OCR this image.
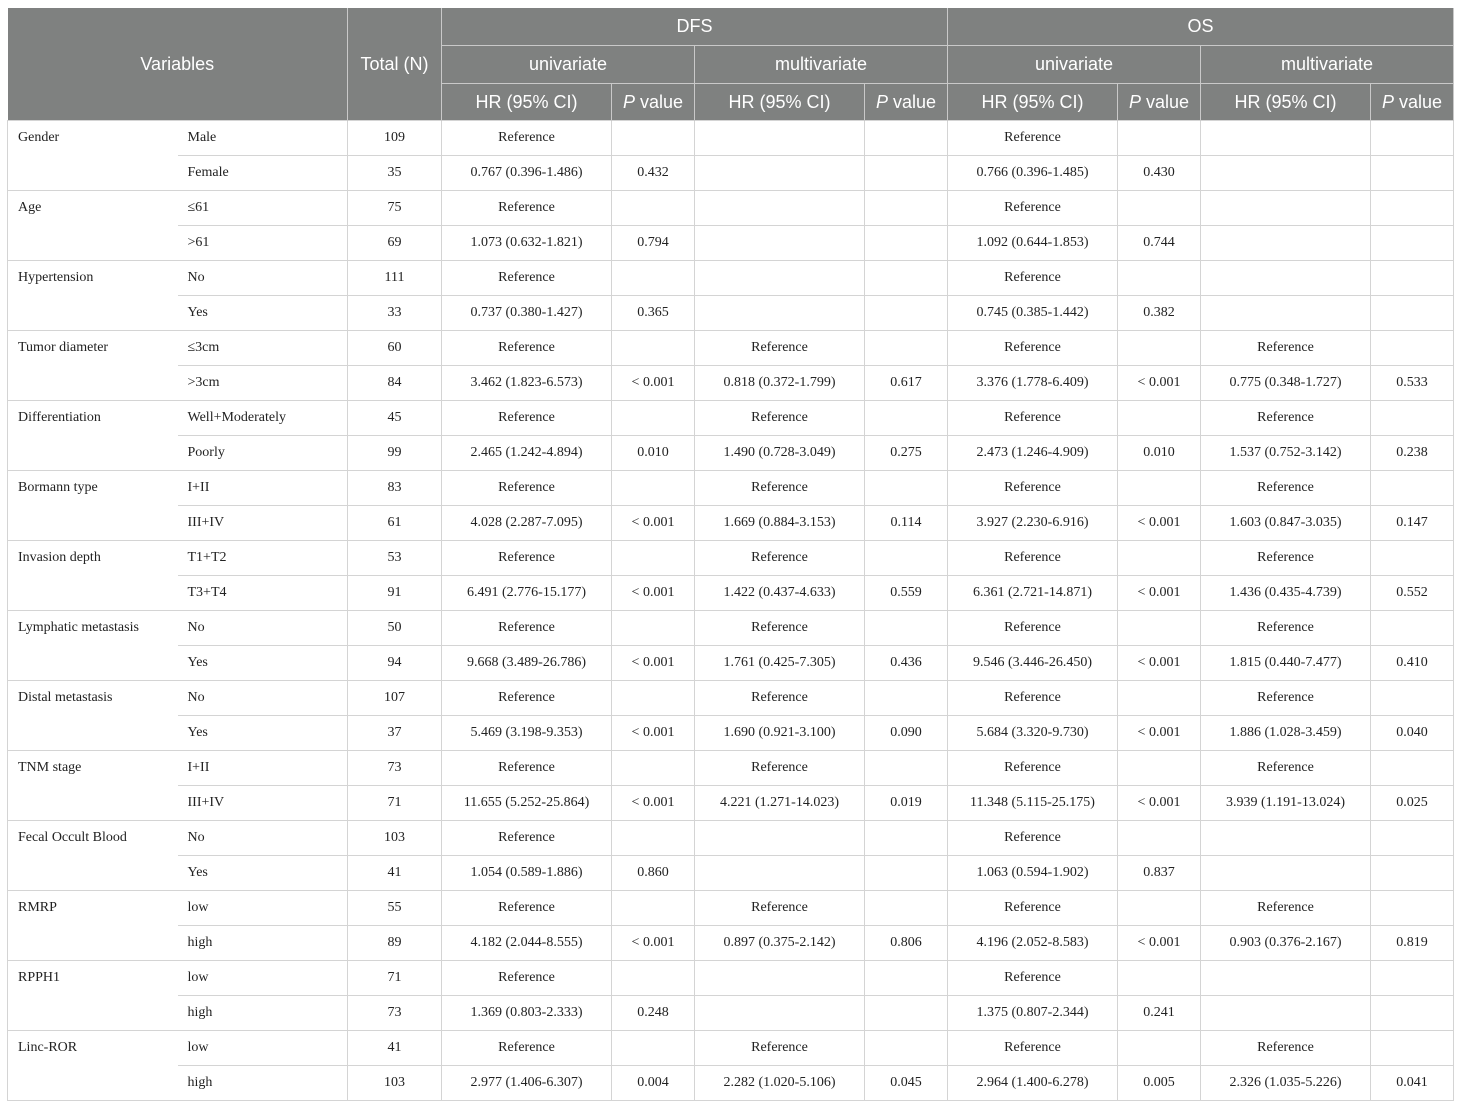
Variables		Total (N)	DFS				OS			
			univariate		multivariate		univariate		multivariate	
			HR (95% CI)	P value	HR (95% CI)	P value	HR (95% CI)	P value	HR (95% CI)	P value
Gender	Male	109	Reference				Reference			
	Female	35	0.767 (0.396-1.486)	0.432			0.766 (0.396-1.485)	0.430		
Age	≤61	75	Reference				Reference			
	>61	69	1.073 (0.632-1.821)	0.794			1.092 (0.644-1.853)	0.744		
Hypertension	No	111	Reference				Reference			
	Yes	33	0.737 (0.380-1.427)	0.365			0.745 (0.385-1.442)	0.382		
Tumor diameter	≤3cm	60	Reference		Reference		Reference		Reference	
	>3cm	84	3.462 (1.823-6.573)	< 0.001	0.818 (0.372-1.799)	0.617	3.376 (1.778-6.409)	< 0.001	0.775 (0.348-1.727)	0.533
Differentiation	Well+Moderately	45	Reference		Reference		Reference		Reference	
	Poorly	99	2.465 (1.242-4.894)	0.010	1.490 (0.728-3.049)	0.275	2.473 (1.246-4.909)	0.010	1.537 (0.752-3.142)	0.238
Bormann type	I+II	83	Reference		Reference		Reference		Reference	
	III+IV	61	4.028 (2.287-7.095)	< 0.001	1.669 (0.884-3.153)	0.114	3.927 (2.230-6.916)	< 0.001	1.603 (0.847-3.035)	0.147
Invasion depth	T1+T2	53	Reference		Reference		Reference		Reference	
	T3+T4	91	6.491 (2.776-15.177)	< 0.001	1.422 (0.437-4.633)	0.559	6.361 (2.721-14.871)	< 0.001	1.436 (0.435-4.739)	0.552
Lymphatic metastasis	No	50	Reference		Reference		Reference		Reference	
	Yes	94	9.668 (3.489-26.786)	< 0.001	1.761 (0.425-7.305)	0.436	9.546 (3.446-26.450)	< 0.001	1.815 (0.440-7.477)	0.410
Distal metastasis	No	107	Reference		Reference		Reference		Reference	
	Yes	37	5.469 (3.198-9.353)	< 0.001	1.690 (0.921-3.100)	0.090	5.684 (3.320-9.730)	< 0.001	1.886 (1.028-3.459)	0.040
TNM stage	I+II	73	Reference		Reference		Reference		Reference	
	III+IV	71	11.655 (5.252-25.864)	< 0.001	4.221 (1.271-14.023)	0.019	11.348 (5.115-25.175)	< 0.001	3.939 (1.191-13.024)	0.025
Fecal Occult Blood	No	103	Reference				Reference			
	Yes	41	1.054 (0.589-1.886)	0.860			1.063 (0.594-1.902)	0.837		
RMRP	low	55	Reference		Reference		Reference		Reference	
	high	89	4.182 (2.044-8.555)	< 0.001	0.897 (0.375-2.142)	0.806	4.196 (2.052-8.583)	< 0.001	0.903 (0.376-2.167)	0.819
RPPH1	low	71	Reference				Reference			
	high	73	1.369 (0.803-2.333)	0.248			1.375 (0.807-2.344)	0.241		
Linc-ROR	low	41	Reference		Reference		Reference		Reference	
	high	103	2.977 (1.406-6.307)	0.004	2.282 (1.020-5.106)	0.045	2.964 (1.400-6.278)	0.005	2.326 (1.035-5.226)	0.041
